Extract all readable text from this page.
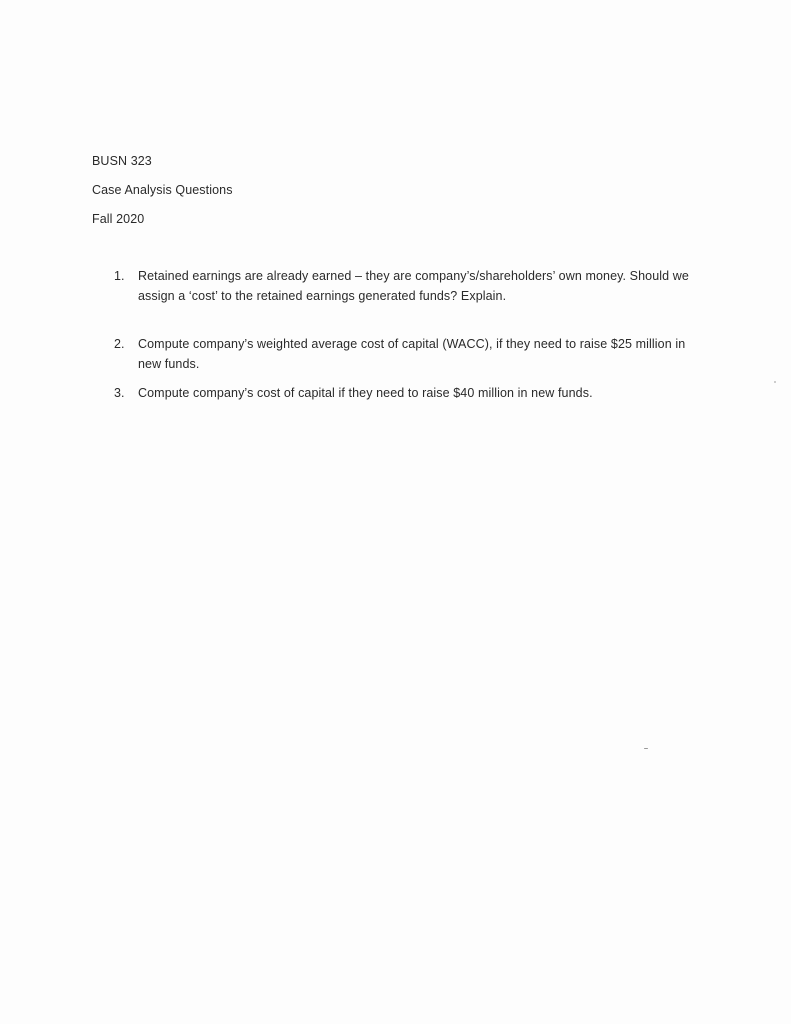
BUSN 323
Case Analysis Questions
Fall 2020
1.	Retained earnings are already earned – they are company’s/shareholders’ own money. Should we assign a ‘cost’ to the retained earnings generated funds? Explain.
2.	Compute company’s weighted average cost of capital (WACC), if they need to raise $25 million in new funds.
3.	Compute company’s cost of capital if they need to raise $40 million in new funds.
